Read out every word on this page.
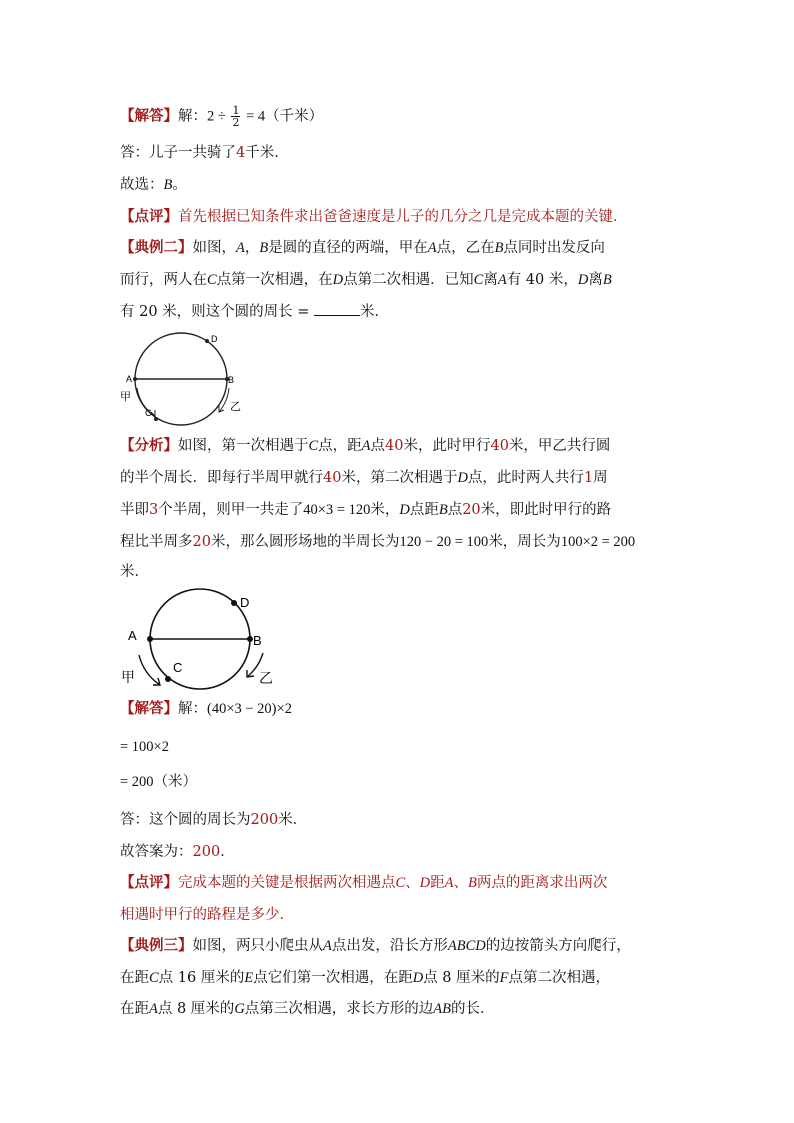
【解答】解：$2 \div \frac{1}{2} = 4$（千米）
答：儿子一共骑了4千米．
故选：B。
【点评】首先根据已知条件求出爸爸速度是儿子的几分之几是完成本题的关键．
【典例二】如图，A，B是圆的直径的两端，甲在A点，乙在B点同时出发反向
而行，两人在C点第一次相遇，在D点第二次相遇．已知C离A有 40 米，D离B
有 20 米，则这个圆的周长 =	米．
D
A	B
C
甲
乙
【分析】如图，第一次相遇于C点，距A点40米，此时甲行40米，甲乙共行圆
的半个周长．即每行半周甲就行40米，第二次相遇于D点，此时两人共行1周
半即3个半周，则甲一共走了40×3 = 120米，D点距B点20米，即此时甲行的路
程比半周多20米，那么圆形场地的半周长为120 − 20 = 100米，周长为100×2 = 200
米．
D
A	B
C
甲	乙
【解答】解：(40×3 − 20)×2
= 100×2
= 200（米）
答：这个圆的周长为200米．
故答案为：200．
【点评】完成本题的关键是根据两次相遇点C、D距A、B两点的距离求出两次
相遇时甲行的路程是多少．
【典例三】如图，两只小爬虫从A点出发，沿长方形ABCD的边按箭头方向爬行，
在距C点 16 厘米的E点它们第一次相遇，在距D点 8 厘米的F点第二次相遇，
在距A点 8 厘米的G点第三次相遇，求长方形的边AB的长．
